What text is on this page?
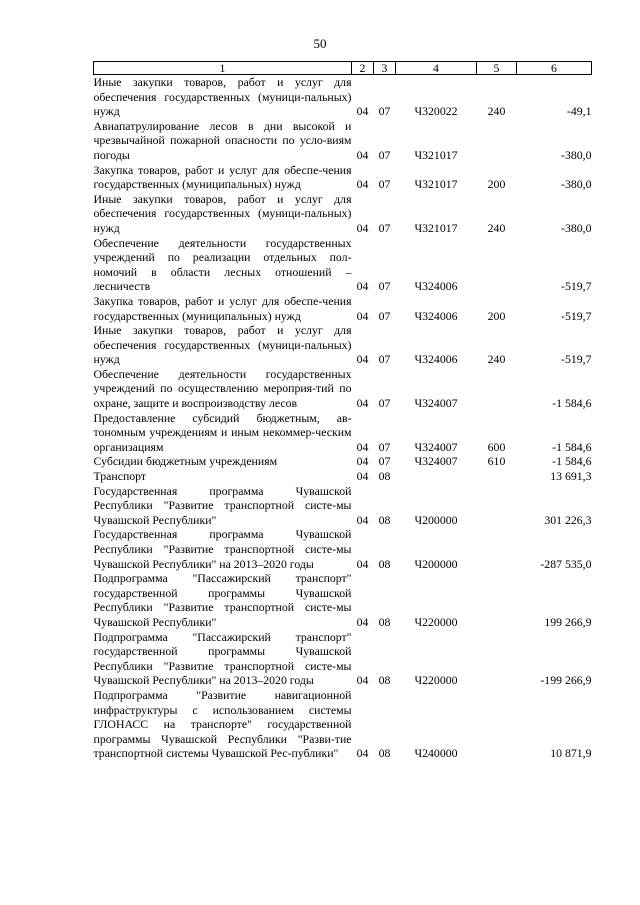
50
1	2	3	4	5	6
Иные закупки товаров, работ и услуг для обеспечения государственных (муници-пальных) нужд	04	07	Ч320022	240	-49,1
Авиапатрулирование лесов в дни высокой и чрезвычайной пожарной опасности по усло-виям погоды	04	07	Ч321017		-380,0
Закупка товаров, работ и услуг для обеспе-чения государственных (муниципальных) нужд	04	07	Ч321017	200	-380,0
Иные закупки товаров, работ и услуг для обеспечения государственных (муници-пальных) нужд	04	07	Ч321017	240	-380,0
Обеспечение деятельности государственных учреждений по реализации отдельных пол-номочий в области лесных отношений – лесничеств	04	07	Ч324006		-519,7
Закупка товаров, работ и услуг для обеспе-чения государственных (муниципальных) нужд	04	07	Ч324006	200	-519,7
Иные закупки товаров, работ и услуг для обеспечения государственных (муници-пальных) нужд	04	07	Ч324006	240	-519,7
Обеспечение деятельности государственных учреждений по осуществлению мероприя-тий по охране, защите и воспроизводству лесов	04	07	Ч324007		-1 584,6
Предоставление субсидий бюджетным, ав-тономным учреждениям и иным некоммер-ческим организациям	04	07	Ч324007	600	-1 584,6
Субсидии бюджетным учреждениям	04	07	Ч324007	610	-1 584,6
Транспорт	04	08			13 691,3
Государственная программа Чувашской Республики "Развитие транспортной систе-мы Чувашской Республики"	04	08	Ч200000		301 226,3
Государственная программа Чувашской Республики "Развитие транспортной систе-мы Чувашской Республики" на 2013–2020 годы	04	08	Ч200000		-287 535,0
Подпрограмма "Пассажирский транспорт" государственной программы Чувашской Республики "Развитие транспортной систе-мы Чувашской Республики"	04	08	Ч220000		199 266,9
Подпрограмма "Пассажирский транспорт" государственной программы Чувашской Республики "Развитие транспортной систе-мы Чувашской Республики" на 2013–2020 годы	04	08	Ч220000		-199 266,9
Подпрограмма "Развитие навигационной инфраструктуры с использованием системы ГЛОНАСС на транспорте" государственной программы Чувашской Республики "Разви-тие транспортной системы Чувашской Рес-публики"	04	08	Ч240000		10 871,9
